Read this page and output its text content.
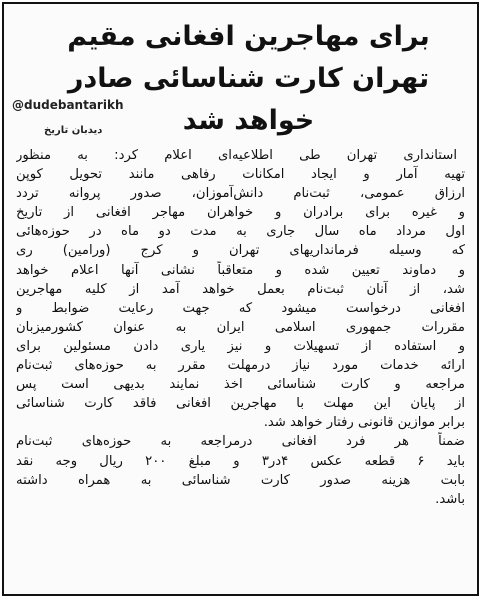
برای مهاجرین افغانی مقیم
تهران کارت شناسائی صادر
خواهد شد
@dudebantarikh
دیدبان تاریخ
استانداری تهران طی اطلاعیه‌ای اعلام کرد: به منظور
تهیه آمار و ایجاد امکانات رفاهی مانند تحویل کوپن
ارزاق عمومی، ثبت‌نام دانش‌آموزان، صدور پروانه تردد
و غیره برای برادران و خواهران مهاجر افغانی از تاریخ
اول مرداد ماه سال جاری به مدت دو ماه در حوزه‌هائی
که وسیله فرمانداریهای تهران و کرج (ورامین) ری
و دماوند تعیین شده و متعاقباً نشانی آنها اعلام خواهد
شد، از آنان ثبت‌نام بعمل خواهد آمد از کلیه مهاجرین
افغانی درخواست میشود که جهت رعایت ضوابط و
مقررات جمهوری اسلامی ایران به عنوان کشورمیزبان
و استفاده از تسهیلات و نیز یاری دادن مسئولین برای
ارائه خدمات مورد نیاز درمهلت مقرر به حوزه‌های ثبت‌نام
مراجعه و کارت شناسائی اخذ نمایند بدیهی است پس
از پایان این مهلت با مهاجرین افغانی فاقد کارت شناسائی
برابر موازین قانونی رفتار خواهد شد.
ضمناً هر فرد افغانی درمراجعه به حوزه‌های ثبت‌نام
باید ۶ قطعه عکس ۴در۳ و مبلغ ۲۰۰ ریال وجه نقد
بابت هزینه صدور کارت شناسائی به همراه داشته
باشد.
